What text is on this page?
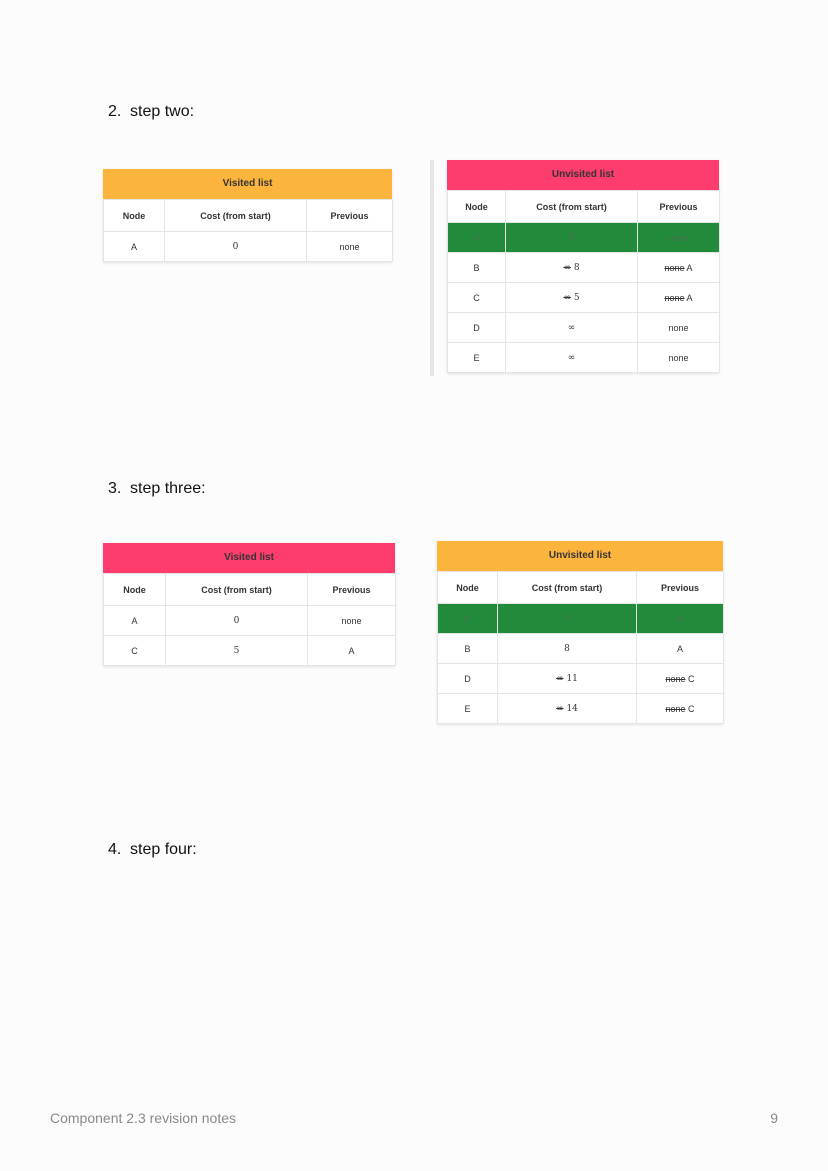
2. step two:
Visited list
Node	Cost (from start)	Previous
A	0	none
Unvisited list
Node	Cost (from start)	Previous
A	0	none
B	∞ 8	none A
C	∞ 5	none A
D	∞	none
E	∞	none
3. step three:
Visited list
Node	Cost (from start)	Previous
A	0	none
C	5	A
Unvisited list
Node	Cost (from start)	Previous
C	5	A
B	8	A
D	∞ 11	none C
E	∞ 14	none C
4. step four:
Component 2.3 revision notes	9
